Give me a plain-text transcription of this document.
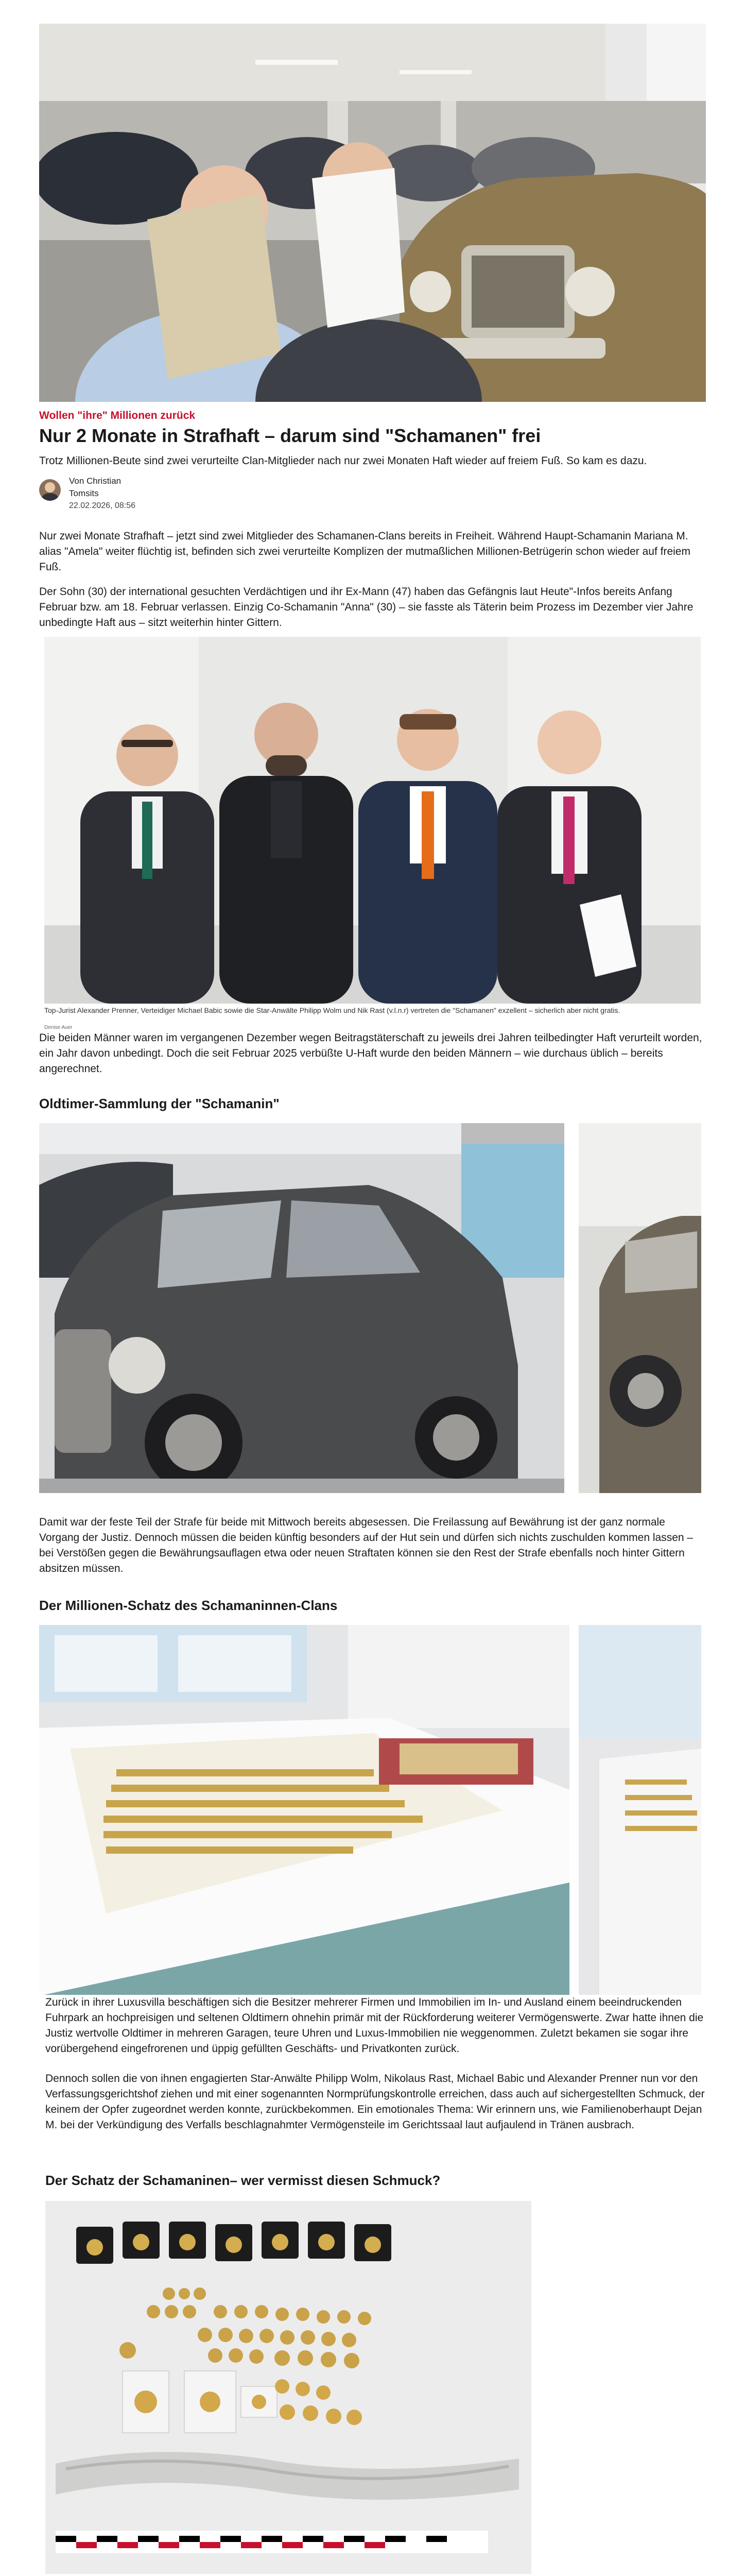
Wollen "ihre" Millionen zurück
Nur 2 Monate in Strafhaft – darum sind "Schamanen" frei
Trotz Millionen-Beute sind zwei verurteilte Clan-Mitglieder nach nur zwei Monaten Haft wieder auf freiem Fuß. So kam es dazu.
Von Christian
Tomsits
22.02.2026, 08:56

Nur zwei Monate Strafhaft – jetzt sind zwei Mitglieder des Schamanen-Clans bereits in Freiheit. Während Haupt-Schamanin Mariana M. alias "Amela" weiter flüchtig ist, befinden sich zwei verurteilte Komplizen der mutmaßlichen Millionen-Betrügerin schon wieder auf freiem Fuß.

Der Sohn (30) der international gesuchten Verdächtigen und ihr Ex-Mann (47) haben das Gefängnis laut Heute"-Infos bereits Anfang Februar bzw. am 18. Februar verlassen. Einzig Co-Schamanin "Anna" (30) – sie fasste als Täterin beim Prozess im Dezember vier Jahre unbedingte Haft aus – sitzt weiterhin hinter Gittern.

Top-Jurist Alexander Prenner, Verteidiger Michael Babic sowie die Star-Anwälte Philipp Wolm und Nik Rast (v.l.n.r) vertreten die "Schamanen" exzellent – sicherlich aber nicht gratis.
Denise Auer

Die beiden Männer waren im vergangenen Dezember wegen Beitragstäterschaft zu jeweils drei Jahren teilbedingter Haft verurteilt worden, ein Jahr davon unbedingt. Doch die seit Februar 2025 verbüßte U-Haft wurde den beiden Männern – wie durchaus üblich – bereits angerechnet.

Oldtimer-Sammlung der "Schamanin"

Damit war der feste Teil der Strafe für beide mit Mittwoch bereits abgesessen. Die Freilassung auf Bewährung ist der ganz normale Vorgang der Justiz. Dennoch müssen die beiden künftig besonders auf der Hut sein und dürfen sich nichts zuschulden kommen lassen – bei Verstößen gegen die Bewährungsauflagen etwa oder neuen Straftaten können sie den Rest der Strafe ebenfalls noch hinter Gittern absitzen müssen.

Der Millionen-Schatz des Schamaninnen-Clans

Zurück in ihrer Luxusvilla beschäftigen sich die Besitzer mehrerer Firmen und Immobilien im In- und Ausland einem beeindruckenden Fuhrpark an hochpreisigen und seltenen Oldtimern ohnehin primär mit der Rückforderung weiterer Vermögenswerte. Zwar hatte ihnen die Justiz wertvolle Oldtimer in mehreren Garagen, teure Uhren und Luxus-Immobilien nie weggenommen. Zuletzt bekamen sie sogar ihre vorübergehend eingefrorenen und üppig gefüllten Geschäfts- und Privatkonten zurück.

Dennoch sollen die von ihnen engagierten Star-Anwälte Philipp Wolm, Nikolaus Rast, Michael Babic und Alexander Prenner nun vor den Verfassungsgerichtshof ziehen und mit einer sogenannten Normprüfungskontrolle erreichen, dass auch auf sichergestellten Schmuck, der keinem der Opfer zugeordnet werden konnte, zurückbekommen. Ein emotionales Thema: Wir erinnern uns, wie Familienoberhaupt Dejan M. bei der Verkündigung des Verfalls beschlagnahmter Vermögensteile im Gerichtssaal laut aufjaulend in Tränen ausbrach.

Der Schatz der Schamaninen– wer vermisst diesen Schmuck?
